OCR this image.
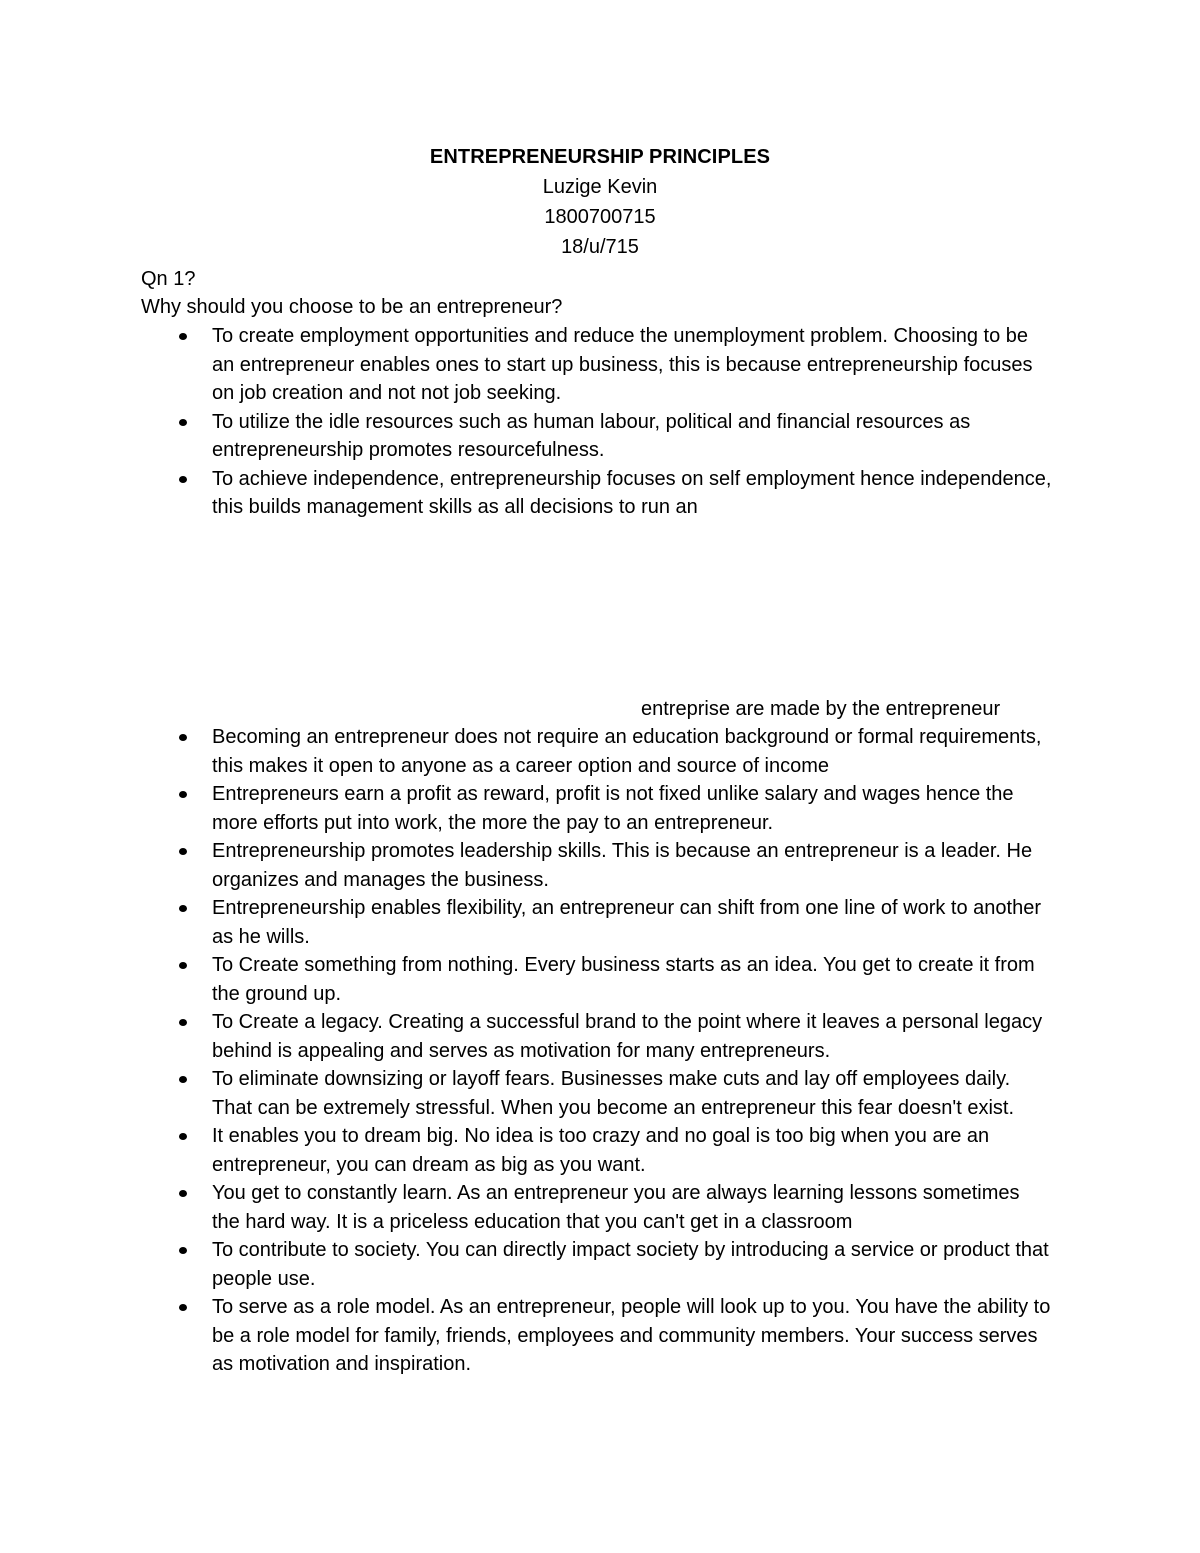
ENTREPRENEURSHIP PRINCIPLES

Luzige Kevin

1800700715

18/u/715

Qn 1?

Why should you choose to be an entrepreneur?

To create employment opportunities and reduce the unemployment problem. Choosing to be an entrepreneur enables ones to start up business, this is because entrepreneurship focuses on job creation and not not job seeking.
To utilize the idle resources such as human labour, political and financial resources as entrepreneurship promotes resourcefulness.
To achieve independence, entrepreneurship focuses on self employment hence independence, this builds management skills as all decisions to run an

entreprise are made by the entrepreneur

Becoming an entrepreneur does not require an education background or formal requirements, this makes it open to anyone as a career option and source of income
Entrepreneurs earn a profit as reward, profit is not fixed unlike salary and wages hence the more efforts put into work, the more the pay to an entrepreneur.
Entrepreneurship promotes leadership skills. This is because an entrepreneur is a leader. He organizes and manages the business.
Entrepreneurship enables flexibility, an entrepreneur can shift from one line of work to another as he wills.
To Create something from nothing. Every business starts as an idea. You get to create it from the ground up.
To Create a legacy. Creating a successful brand to the point where it leaves a personal legacy behind is appealing and serves as motivation for many entrepreneurs.
To eliminate downsizing or layoff fears. Businesses make cuts and lay off employees daily. That can be extremely stressful. When you become an entrepreneur this fear doesn't exist.
It enables you to dream big. No idea is too crazy and no goal is too big when you are an entrepreneur, you can dream as big as you want.
You get to constantly learn. As an entrepreneur you are always learning lessons sometimes the hard way. It is a priceless education that you can't get in a classroom
To contribute to society. You can directly impact society by introducing a service or product that people use.
To serve as a role model. As an entrepreneur, people will look up to you. You have the ability to be a role model for family, friends, employees and community members. Your success serves as motivation and inspiration.
